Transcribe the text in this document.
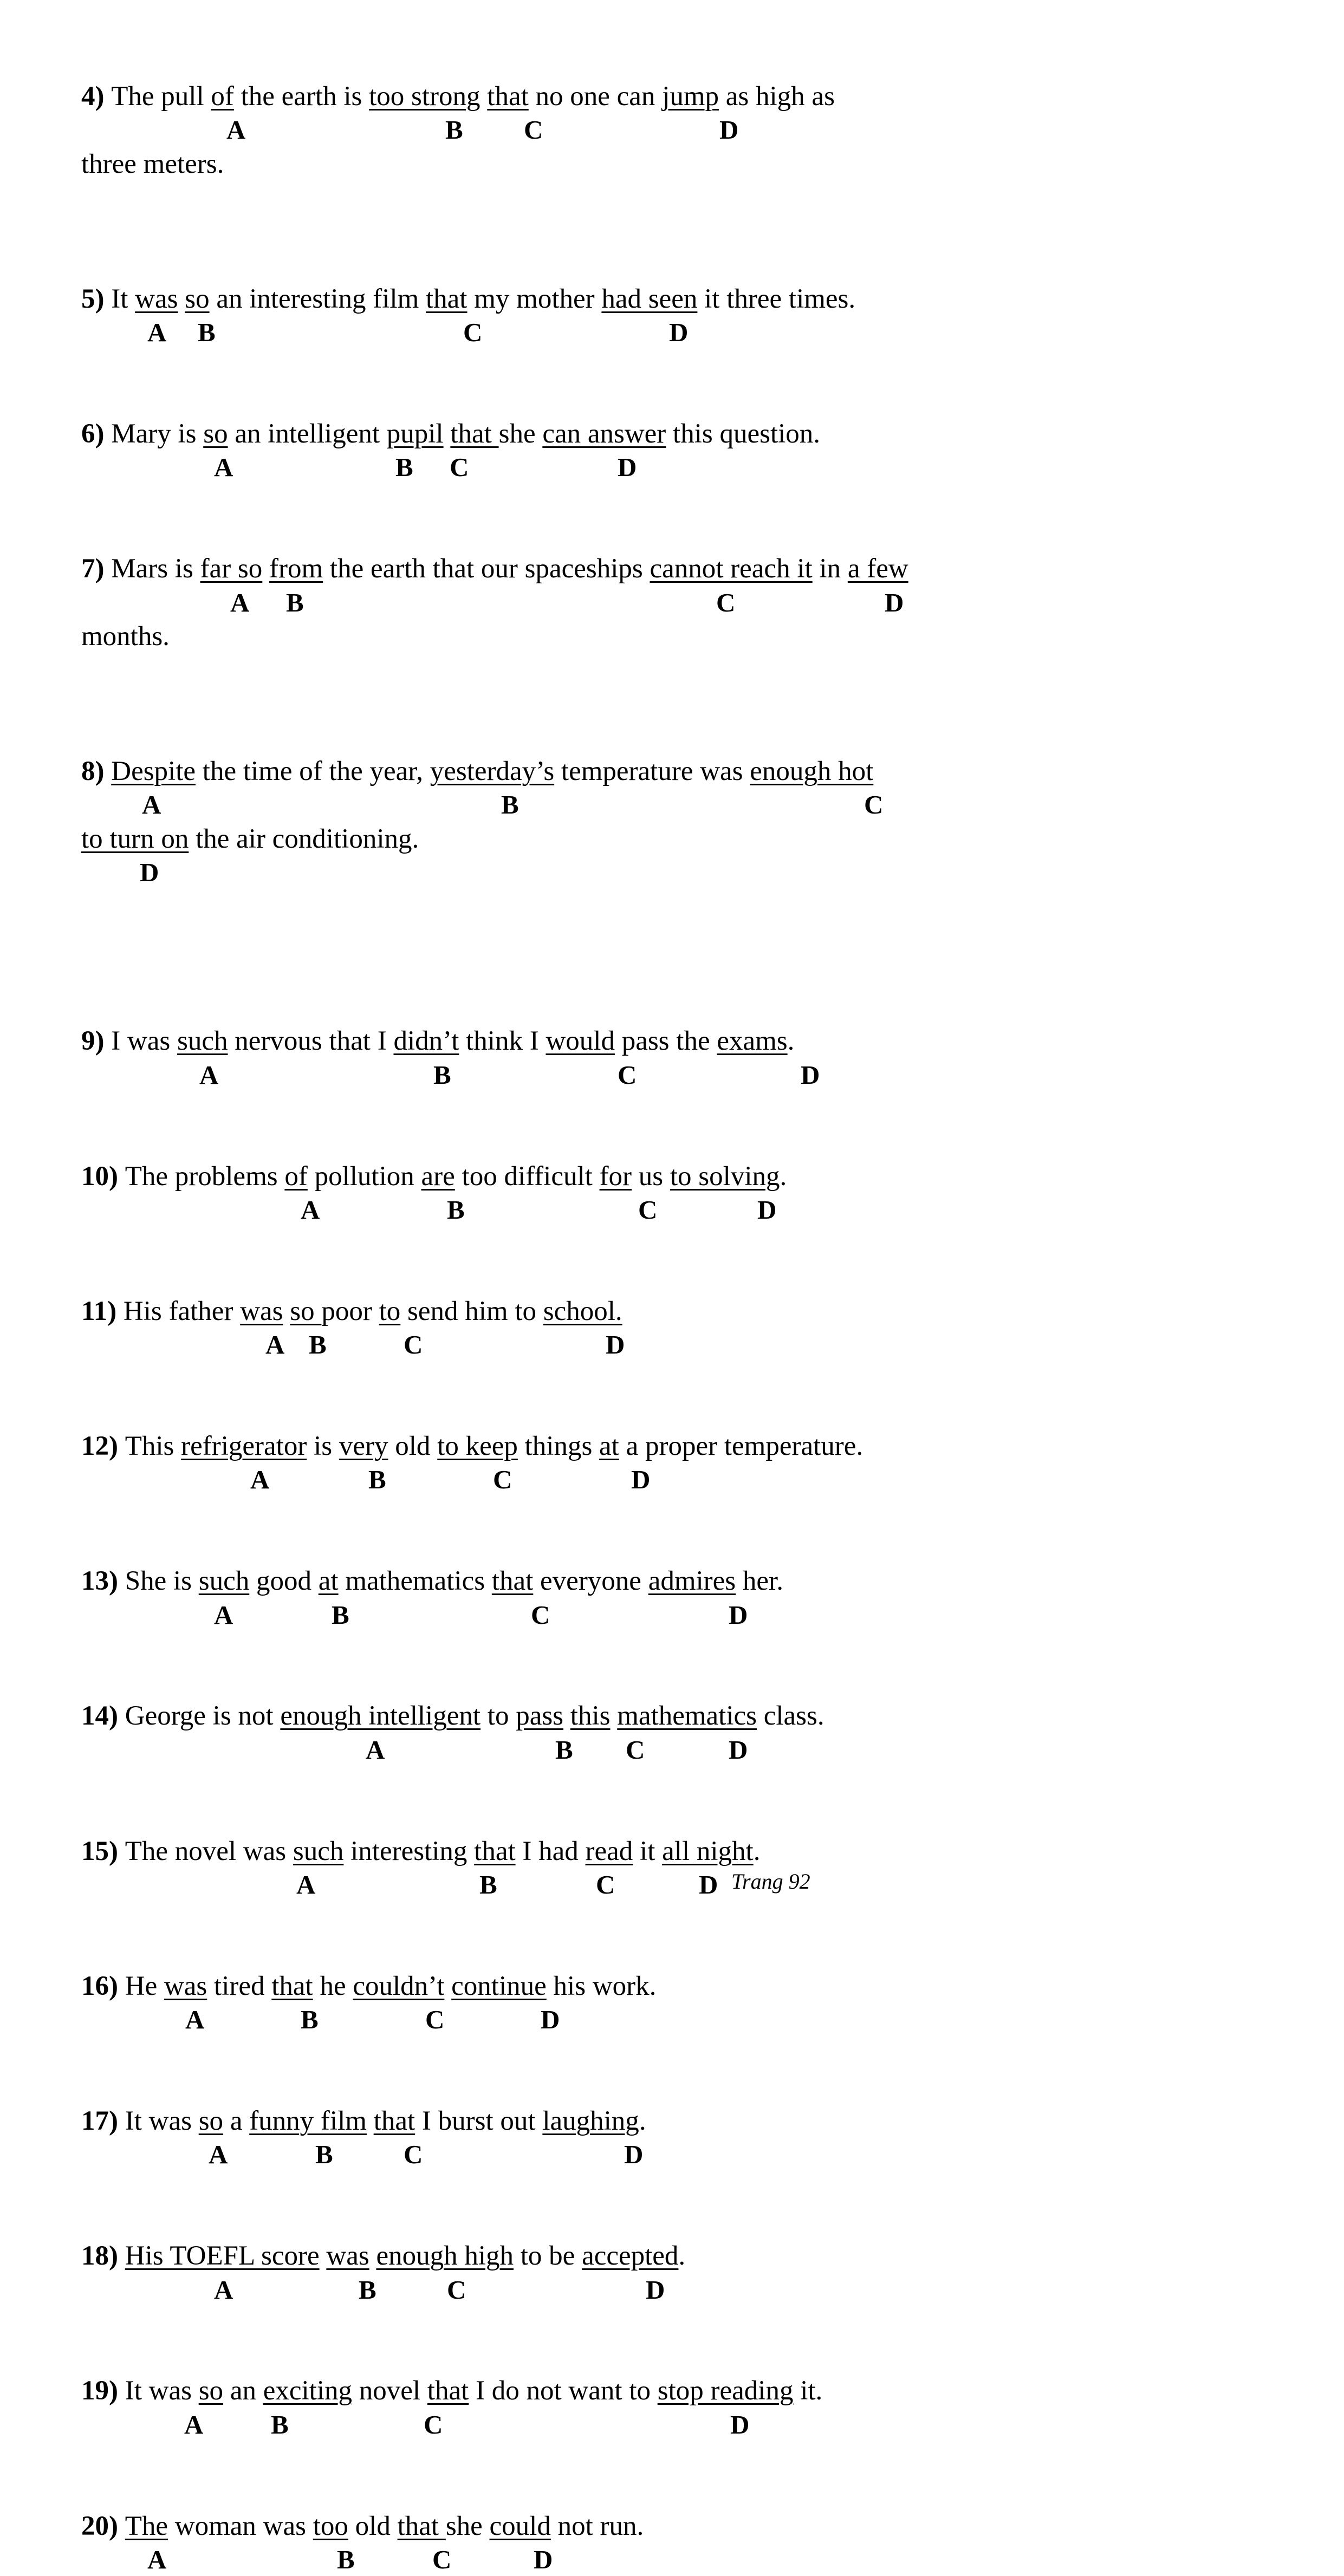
4) The pull of the earth is too strong that no one can jump as high as
A	B C	D
three meters.
5) It was so an interesting film that my mother had seen it three times.
A B	C	D
6) Mary is so an intelligent pupil that she can answer this question.
A	B C	D
7) Mars is far so from the earth that our spaceships cannot reach it in a few
A B	C	D
months.
8) Despite the time of the year, yesterday’s temperature was enough hot
A	B	C
to turn on the air conditioning.
D
9) I was such nervous that I didn’t think I would pass the exams.
A	B	C	D
10) The problems of pollution are too difficult for us to solving.
A	B	C	D
11) His father was so poor to send him to school.
A B	C	D
12) This refrigerator is very old to keep things at a proper temperature.
A	B	C	D
13) She is such good at mathematics that everyone admires her.
A	B	C	D
14) George is not enough intelligent to pass this mathematics class.
A	B C	D
15) The novel was such interesting that I had read it all night.
A	B	C	D
16) He was tired that he couldn’t continue his work.
A	B	C	D
17) It was so a funny film that I burst out laughing.
A	B	C	D
18) His TOEFL score was enough high to be accepted.
A	B	C	D
19) It was so an exciting novel that I do not want to stop reading it.
A	B	C	D
20) The woman was too old that she could not run.
A	B	C	D
Trang 92
